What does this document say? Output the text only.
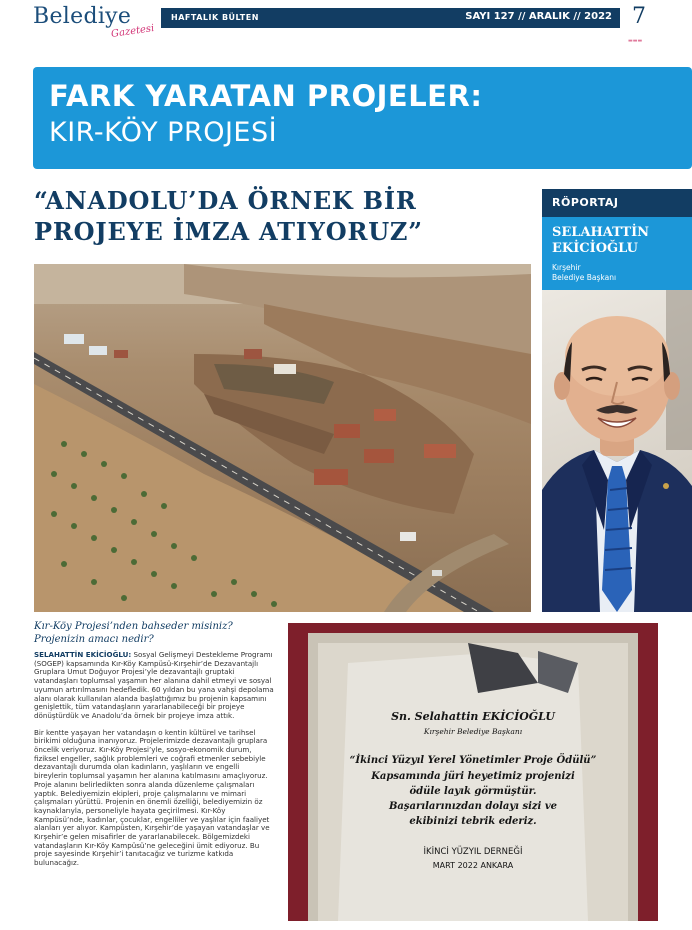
Belediye
Gazetesi
HAFTALIK BÜLTEN	SAYI 127 // ARALIK // 2022 7
▬▬▬
FARK YARATAN PROJELER:
KIR-KÖY PROJESİ
“ANADOLU’DA ÖRNEK BİR PROJEYE İMZA ATIYORUZ”
RÖPORTAJ
SELAHATTİN EKİCİOĞLU
Kırşehir
Belediye Başkanı
Kır-Köy Projesi’nden bahseder misiniz? Projenizin amacı nedir?

SELAHATTİN EKİCİOĞLU: Sosyal Gelişmeyi Destekleme Programı (SOGEP) kapsamında Kır-Köy Kampüsü-Kırşehir’de Dezavantajlı Gruplara Umut Doğuyor Projesi’yle dezavantajlı gruptaki vatandaşları toplumsal yaşamın her alanına dahil etmeyi ve sosyal uyumun artırılmasını hedefledik. 60 yıldan bu yana vahşi depolama alanı olarak kullanılan alanda başlattığımız bu projenin kapsamını genişlettik, tüm vatandaşların yararlanabileceği bir projeye dönüştürdük ve Anadolu’da örnek bir projeye imza attık.

Bir kentte yaşayan her vatandaşın o kentin kültürel ve tarihsel birikimi olduğuna inanıyoruz. Projelerimizde dezavantajlı gruplara öncelik veriyoruz. Kır-Köy Projesi’yle, sosyo-ekonomik durum, fiziksel engeller, sağlık problemleri ve coğrafi etmenler sebebiyle dezavantajlı durumda olan kadınların, yaşlıların ve engelli bireylerin toplumsal yaşamın her alanına katılmasını amaçlıyoruz. Proje alanını belirledikten sonra alanda düzenleme çalışmaları yaptık. Belediyemizin ekipleri, proje çalışmalarını ve mimari çalışmaları yürüttü. Projenin en önemli özelliği, belediyemizin öz kaynaklarıyla, personeliyle hayata geçirilmesi. Kır-Köy Kampüsü’nde, kadınlar, çocuklar, engelliler ve yaşlılar için faaliyet alanları yer alıyor. Kampüsten, Kırşehir’de yaşayan vatandaşlar ve Kırşehir’e gelen misafirler de yararlanabilecek. Bölgemizdeki vatandaşların Kır-Köy Kampüsü’ne geleceğini ümit ediyoruz. Bu proje sayesinde Kırşehir’i tanıtacağız ve turizme katkıda bulunacağız.

Sn. Selahattin EKİCİOĞLU
Kırşehir Belediye Başkanı
“İkinci Yüzyıl Yerel Yönetimler Proje Ödülü”
Kapsamında jüri heyetimiz projenizi
ödüle layık görmüştür.
Başarılarınızdan dolayı sizi ve
ekibinizi tebrik ederiz.
İKİNCİ YÜZYIL DERNEĞİ
MART 2022 ANKARA
